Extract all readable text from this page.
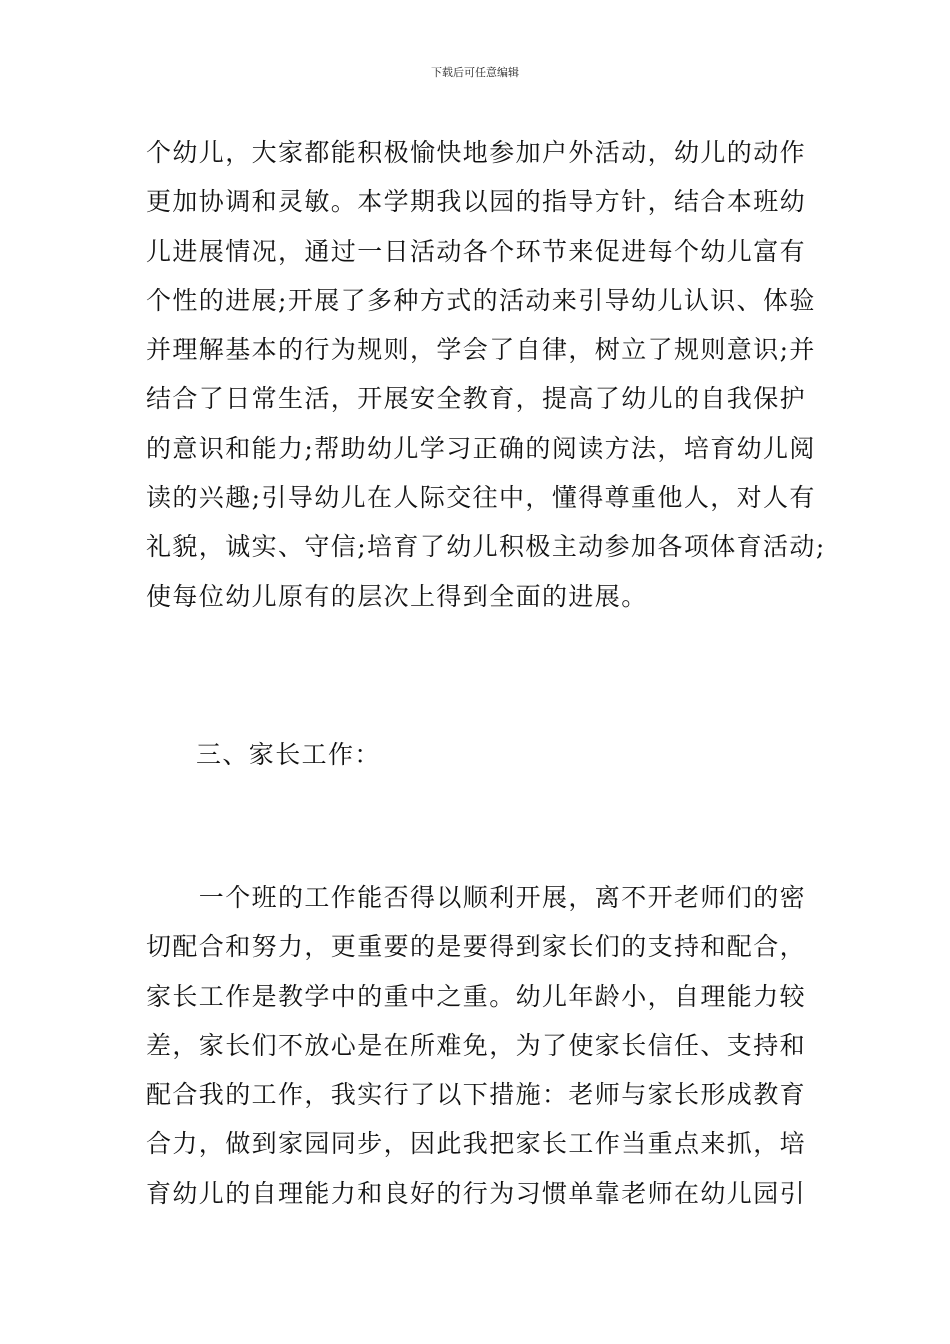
下载后可任意编辑
个幼儿，大家都能积极愉快地参加户外活动，幼儿的动作
更加协调和灵敏。本学期我以园的指导方针，结合本班幼
儿进展情况，通过一日活动各个环节来促进每个幼儿富有
个性的进展;开展了多种方式的活动来引导幼儿认识、体验
并理解基本的行为规则，学会了自律，树立了规则意识;并
结合了日常生活，开展安全教育，提高了幼儿的自我保护
的意识和能力;帮助幼儿学习正确的阅读方法，培育幼儿阅
读的兴趣;引导幼儿在人际交往中，懂得尊重他人，对人有
礼貌，诚实、守信;培育了幼儿积极主动参加各项体育活动;
使每位幼儿原有的层次上得到全面的进展。
三、家长工作：
　　一个班的工作能否得以顺利开展，离不开老师们的密
切配合和努力，更重要的是要得到家长们的支持和配合，
家长工作是教学中的重中之重。幼儿年龄小，自理能力较
差，家长们不放心是在所难免，为了使家长信任、支持和
配合我的工作，我实行了以下措施：老师与家长形成教育
合力，做到家园同步，因此我把家长工作当重点来抓，培
育幼儿的自理能力和良好的行为习惯单靠老师在幼儿园引
